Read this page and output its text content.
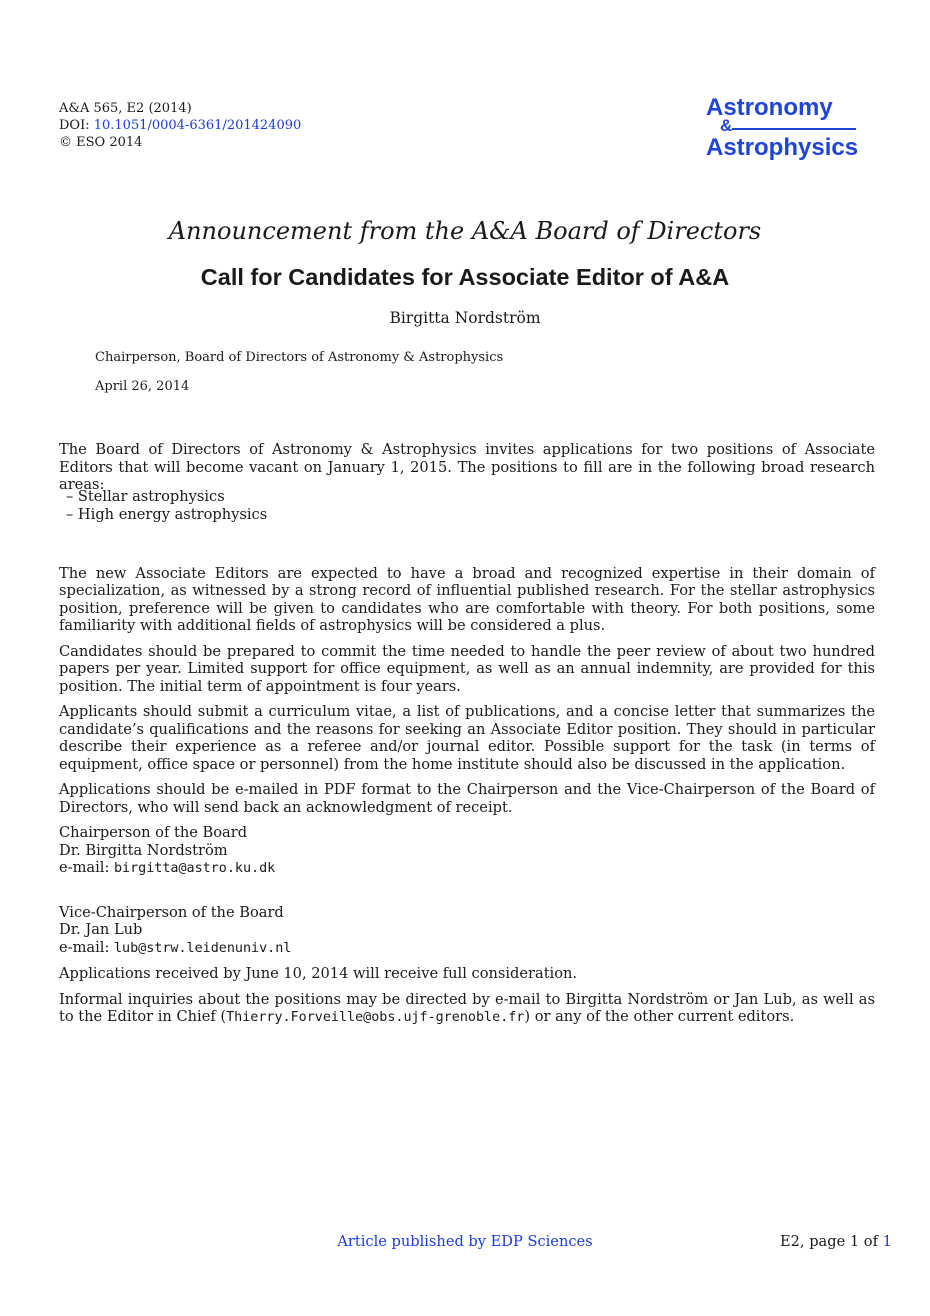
A&A 565, E2 (2014)
DOI: 10.1051/0004-6361/201424090
© ESO 2014
Astronomy
&
Astrophysics
Announcement from the A&A Board of Directors
Call for Candidates for Associate Editor of A&A
Birgitta Nordström
Chairperson, Board of Directors of Astronomy & Astrophysics
April 26, 2014

The Board of Directors of Astronomy & Astrophysics invites applications for two positions of Associate Editors that will become vacant on January 1, 2015. The positions to fill are in the following broad research areas:

The new Associate Editors are expected to have a broad and recognized expertise in their domain of specialization, as witnessed by a strong record of influential published research. For the stellar astrophysics position, preference will be given to candidates who are comfortable with theory. For both positions, some familiarity with additional fields of astrophysics will be considered a plus.

Candidates should be prepared to commit the time needed to handle the peer review of about two hundred papers per year. Limited support for office equipment, as well as an annual indemnity, are provided for this position. The initial term of appointment is four years.

Applicants should submit a curriculum vitae, a list of publications, and a concise letter that summarizes the candidate’s qualifications and the reasons for seeking an Associate Editor position. They should in particular describe their experience as a referee and/or journal editor. Possible support for the task (in terms of equipment, office space or personnel) from the home institute should also be discussed in the application.

Applications should be e-mailed in PDF format to the Chairperson and the Vice-Chairperson of the Board of Directors, who will send back an acknowledgment of receipt.

Chairperson of the Board
Dr. Birgitta Nordström
e-mail: birgitta@astro.ku.dk
Vice-Chairperson of the Board
Dr. Jan Lub
e-mail: lub@strw.leidenuniv.nl

Applications received by June 10, 2014 will receive full consideration.

Informal inquiries about the positions may be directed by e-mail to Birgitta Nordström or Jan Lub, as well as to the Editor in Chief (Thierry.Forveille@obs.ujf-grenoble.fr) or any of the other current editors.

– Stellar astrophysics
– High energy astrophysics
Article published by EDP Sciences	E2, page 1 of 1
